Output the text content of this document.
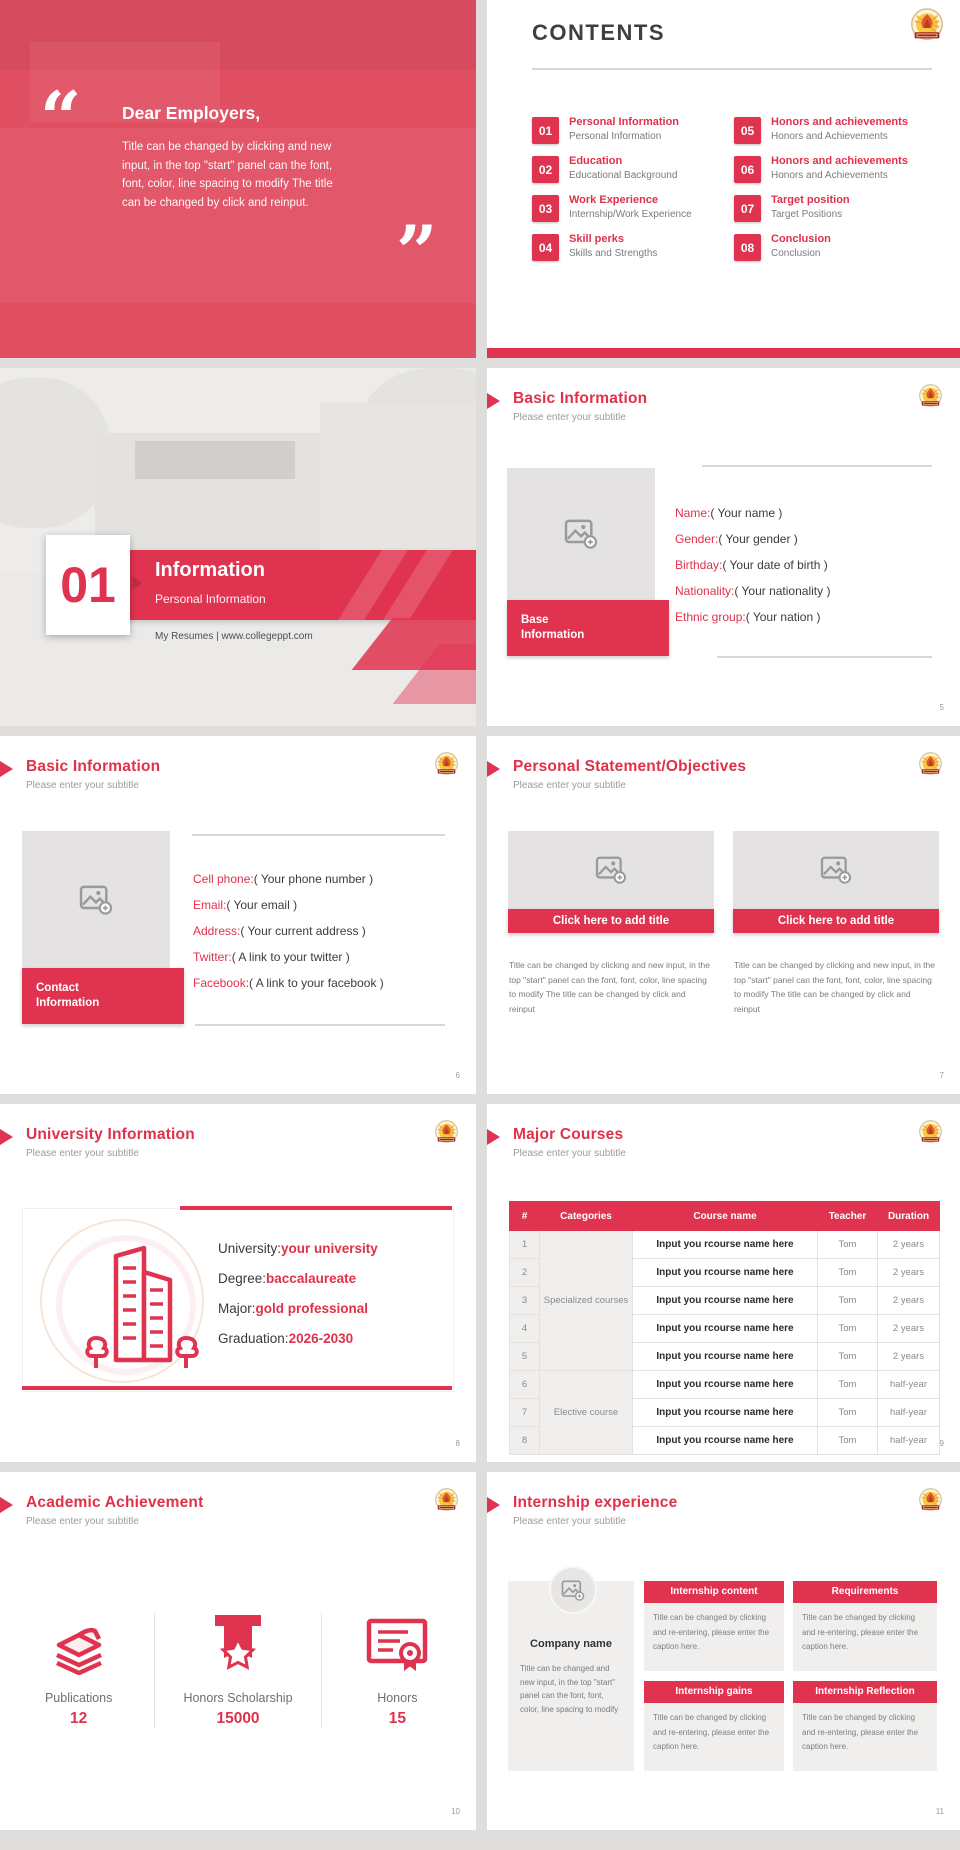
“ Dear Employers,
Title can be changed by clicking and new
input, in the top "start" panel can the font,
font, color, line spacing to modify The title
can be changed by click and reinput.
”
CONTENTS
01
Personal Information
Personal Information
02
Education
Educational Background
03
Work Experience
Internship/Work Experience
04
Skill perks
Skills and Strengths
05
Honors and achievements
Honors and Achievements
06
Honors and achievements
Honors and Achievements
07
Target position
Target Positions
08
Conclusion
Conclusion
01 Information
Personal Information
My Resumes | www.collegeppt.com
Basic Information
Please enter your subtitle
Base Information
Name:( Your name )
Gender:( Your gender )
Birthday:( Your date of birth )
Nationality:( Your nationality )
Ethnic group:( Your nation )
5
Basic Information
Please enter your subtitle
Contact Information
Cell phone:( Your phone number )
Email:( Your email )
Address:( Your current address )
Twitter:( A link to your twitter )
Facebook:( A link to your facebook )
6
Personal Statement/Objectives
Please enter your subtitle
Click here to add title
Title can be changed by clicking and new input, in the top "start" panel can the font, font, color, line spacing to modify The title can be changed by click and reinput
Click here to add title
Title can be changed by clicking and new input, in the top "start" panel can the font, font, color, line spacing to modify The title can be changed by click and reinput
7
University Information
Please enter your subtitle
University:your university
Degree:baccalaureate
Major:gold professional
Graduation:2026-2030
8
Major Courses
Please enter your subtitle
#	Categories	Course name	Teacher	Duration
1	Specialized courses	Input you rcourse name here	Tom	2 years
2		Input you rcourse name here	Tom	2 years
3		Input you rcourse name here	Tom	2 years
4		Input you rcourse name here	Tom	2 years
5		Input you rcourse name here	Tom	2 years
6	Elective course	Input you rcourse name here	Tom	half-year
7		Input you rcourse name here	Tom	half-year
8		Input you rcourse name here	Tom	half-year 9
Academic Achievement
Please enter your subtitle
Publications
12
Honors Scholarship
15000
Honors
15
10
Internship experience
Please enter your subtitle
Company name
Title can be changed and new input, in the top "start" panel can the font, font, color, line spacing to modify
Internship content
Title can be changed by clicking and re-entering, please enter the caption here.
Requirements
Title can be changed by clicking and re-entering, please enter the caption here.
Internship gains
Title can be changed by clicking and re-entering, please enter the caption here.
Internship Reflection
Title can be changed by clicking and re-entering, please enter the caption here.
11
